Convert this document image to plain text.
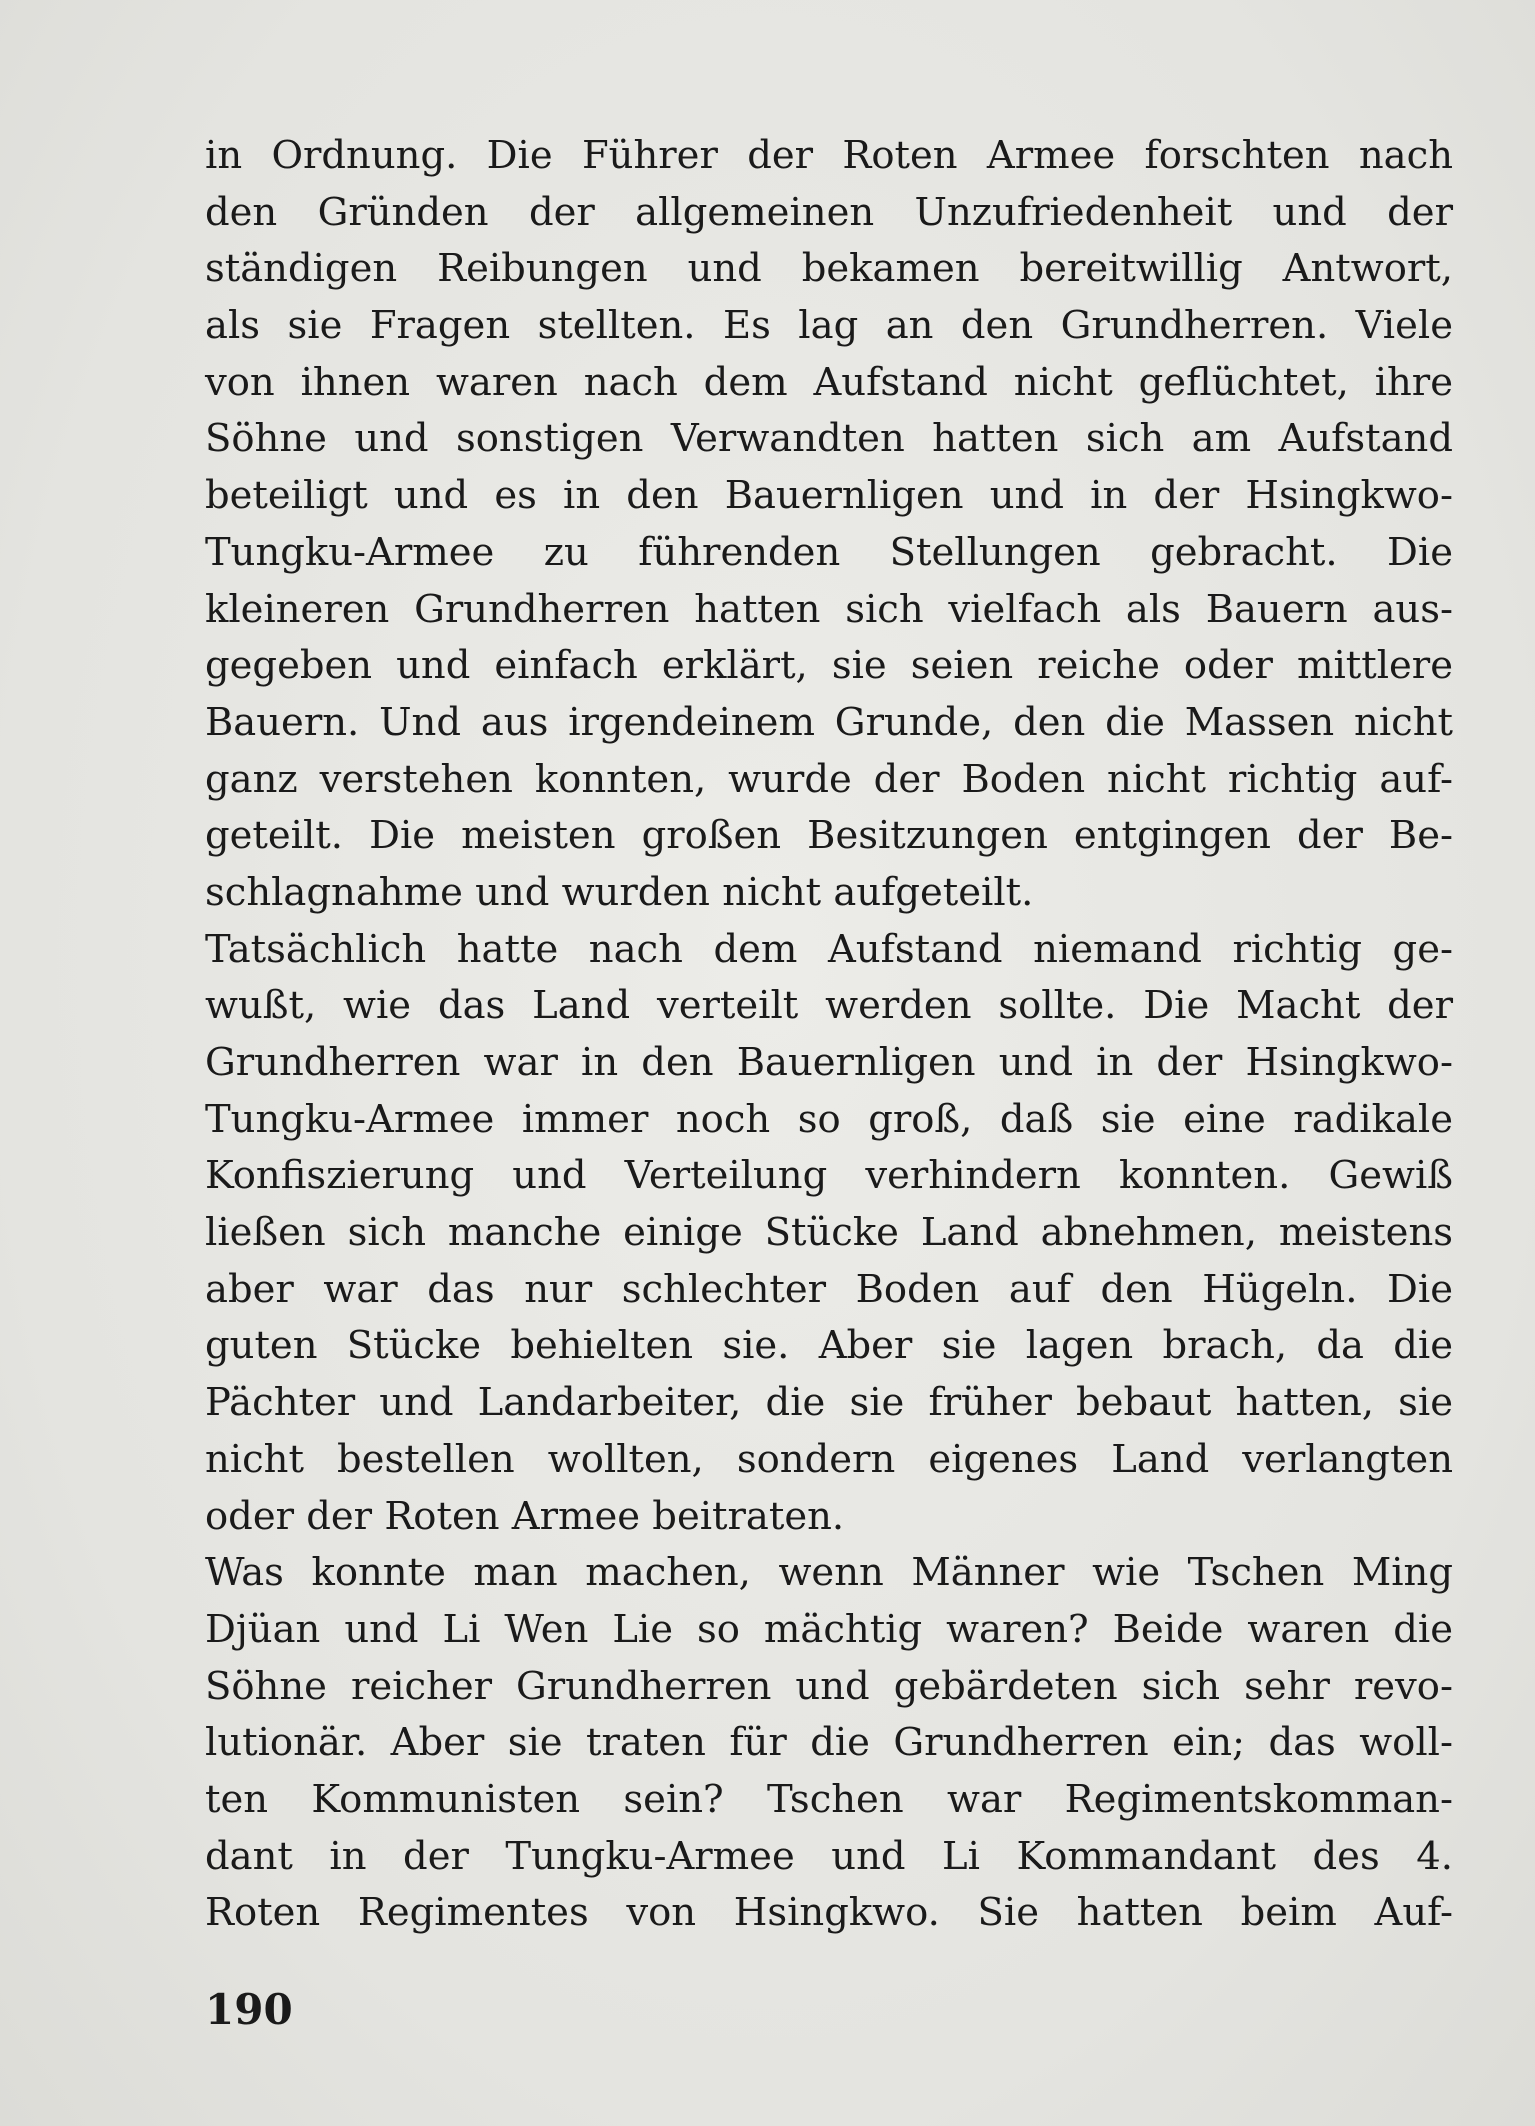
in Ordnung. Die Führer der Roten Armee forschten nach
den Gründen der allgemeinen Unzufriedenheit und der
ständigen Reibungen und bekamen bereitwillig Antwort,
als sie Fragen stellten. Es lag an den Grundherren. Viele
von ihnen waren nach dem Aufstand nicht geflüchtet, ihre
Söhne und sonstigen Verwandten hatten sich am Aufstand
beteiligt und es in den Bauernligen und in der Hsingkwo-
Tungku-Armee zu führenden Stellungen gebracht. Die
kleineren Grundherren hatten sich vielfach als Bauern aus-
gegeben und einfach erklärt, sie seien reiche oder mittlere
Bauern. Und aus irgendeinem Grunde, den die Massen nicht
ganz verstehen konnten, wurde der Boden nicht richtig auf-
geteilt. Die meisten großen Besitzungen entgingen der Be-
schlagnahme und wurden nicht aufgeteilt.
Tatsächlich hatte nach dem Aufstand niemand richtig ge-
wußt, wie das Land verteilt werden sollte. Die Macht der
Grundherren war in den Bauernligen und in der Hsingkwo-
Tungku-Armee immer noch so groß, daß sie eine radikale
Konfiszierung und Verteilung verhindern konnten. Gewiß
ließen sich manche einige Stücke Land abnehmen, meistens
aber war das nur schlechter Boden auf den Hügeln. Die
guten Stücke behielten sie. Aber sie lagen brach, da die
Pächter und Landarbeiter, die sie früher bebaut hatten, sie
nicht bestellen wollten, sondern eigenes Land verlangten
oder der Roten Armee beitraten.
Was konnte man machen, wenn Männer wie Tschen Ming
Djüan und Li Wen Lie so mächtig waren? Beide waren die
Söhne reicher Grundherren und gebärdeten sich sehr revo-
lutionär. Aber sie traten für die Grundherren ein; das woll-
ten Kommunisten sein? Tschen war Regimentskomman-
dant in der Tungku-Armee und Li Kommandant des 4.
Roten Regimentes von Hsingkwo. Sie hatten beim Auf-
190
